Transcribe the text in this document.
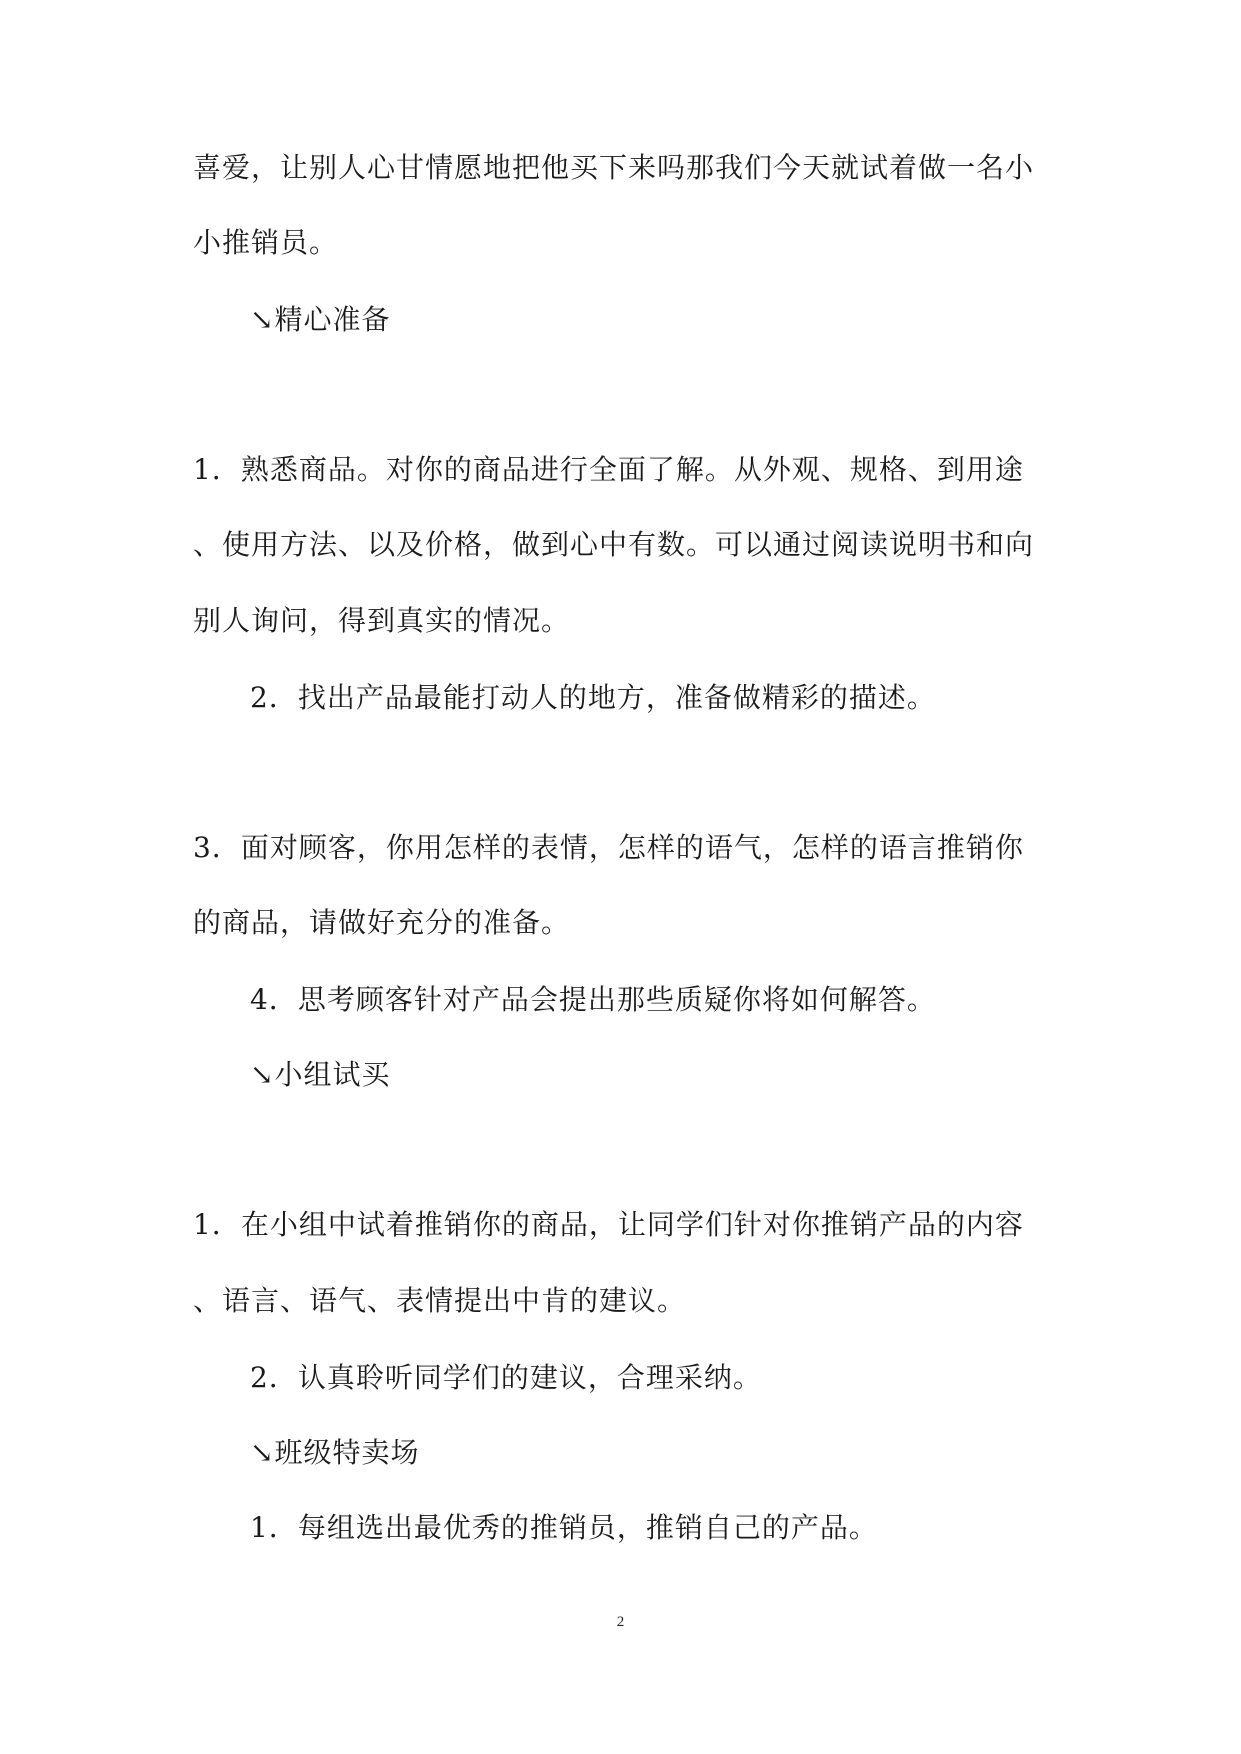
喜爱，让别人心甘情愿地把他买下来吗那我们今天就试着做一名小
小推销员。
↘精心准备
1．熟悉商品。对你的商品进行全面了解。从外观、规格、到用途
、使用方法、以及价格，做到心中有数。可以通过阅读说明书和向
别人询问，得到真实的情况。
2．找出产品最能打动人的地方，准备做精彩的描述。
3．面对顾客，你用怎样的表情，怎样的语气，怎样的语言推销你
的商品，请做好充分的准备。
4．思考顾客针对产品会提出那些质疑你将如何解答。
↘小组试买
1．在小组中试着推销你的商品，让同学们针对你推销产品的内容
、语言、语气、表情提出中肯的建议。
2．认真聆听同学们的建议，合理采纳。
↘班级特卖场
1．每组选出最优秀的推销员，推销自己的产品。
2
